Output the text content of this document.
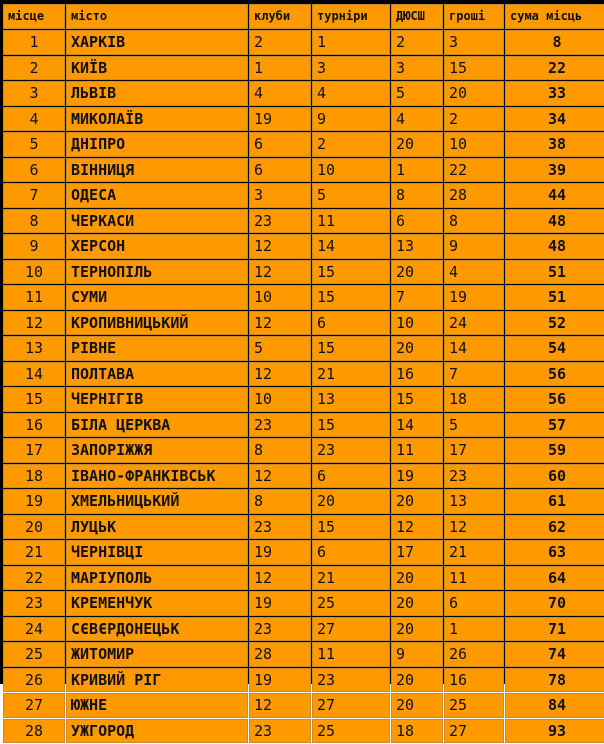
місце	місто	клуби	турніри	ДЮСШ	гроші	сума місць
1	ХАРКІВ	2	1	2	3	8
2	КИЇВ	1	3	3	15	22
3	ЛЬВІВ	4	4	5	20	33
4	МИКОЛАЇВ	19	9	4	2	34
5	ДНІПРО	6	2	20	10	38
6	ВІННИЦЯ	6	10	1	22	39
7	ОДЕСА	3	5	8	28	44
8	ЧЕРКАСИ	23	11	6	8	48
9	ХЕРСОН	12	14	13	9	48
10	ТЕРНОПІЛЬ	12	15	20	4	51
11	СУМИ	10	15	7	19	51
12	КРОПИВНИЦЬКИЙ	12	6	10	24	52
13	РІВНЕ	5	15	20	14	54
14	ПОЛТАВА	12	21	16	7	56
15	ЧЕРНІГІВ	10	13	15	18	56
16	БІЛА ЦЕРКВА	23	15	14	5	57
17	ЗАПОРІЖЖЯ	8	23	11	17	59
18	ІВАНО-ФРАНКІВСЬК	12	6	19	23	60
19	ХМЕЛЬНИЦЬКИЙ	8	20	20	13	61
20	ЛУЦЬК	23	15	12	12	62
21	ЧЕРНІВЦІ	19	6	17	21	63
22	МАРІУПОЛЬ	12	21	20	11	64
23	КРЕМЕНЧУК	19	25	20	6	70
24	СЄВЄРДОНЕЦЬК	23	27	20	1	71
25	ЖИТОМИР	28	11	9	26	74
26	КРИВИЙ РІГ	19	23	20	16	78
27	ЮЖНЕ	12	27	20	25	84
28	УЖГОРОД	23	25	18	27	93
